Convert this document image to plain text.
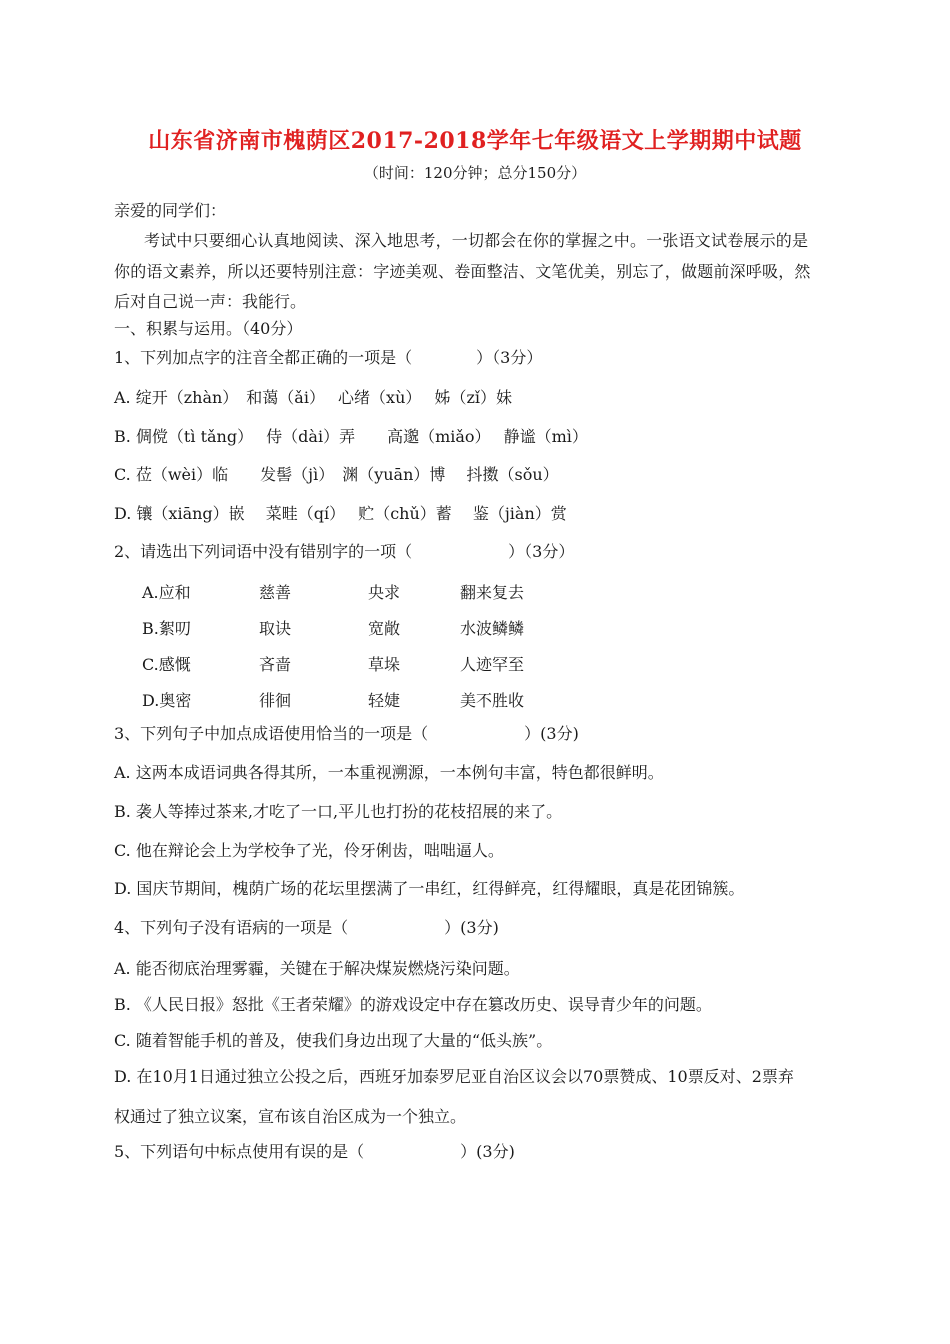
山东省济南市槐荫区2017-2018学年七年级语文上学期期中试题
（时间：120分钟；总分150分）
亲爱的同学们：
考试中只要细心认真地阅读、深入地思考，一切都会在你的掌握之中。一张语文试卷展示的是
你的语文素养，所以还要特别注意：字迹美观、卷面整洁、文笔优美，别忘了，做题前深呼吸，然
后对自己说一声：我能行。
一、积累与运用。（40分）
1、下列加点字的注音全都正确的一项是（　　　　）（3分）
A. 绽开（zhàn）　和蔼（ǎi）　 心绪（xù）　 姊（zǐ）妹
B. 倜傥（tì tǎng）　 侍（dài）弄　　高邈（miǎo）　 静谧（mì）
C. 莅（wèi）临　　发髻（jì）　渊（yuān）博　 抖擞（sǒu）
D. 镶（xiāng）嵌　 菜畦（qí）　 贮（chǔ）蓄　 鉴（jiàn）赏
2、请选出下列词语中没有错别字的一项（　　　　　　）（3分）
A.应和	慈善	央求	翻来复去
B.絮叨	取诀	宽敞	水波鳞鳞
C.感慨	吝啬	草垛	人迹罕至
D.奥密	徘徊	轻婕	美不胜收
3、下列句子中加点成语使用恰当的一项是（　　　　　　）(3分)
A. 这两本成语词典各得其所，一本重视溯源，一本例句丰富，特色都很鲜明。
B. 袭人等捧过茶来,才吃了一口,平儿也打扮的花枝招展的来了。
C. 他在辩论会上为学校争了光，伶牙俐齿，咄咄逼人。
D. 国庆节期间，槐荫广场的花坛里摆满了一串红，红得鲜亮，红得耀眼，真是花团锦簇。
4、下列句子没有语病的一项是（　　　　　　）(3分)
A. 能否彻底治理雾霾，关键在于解决煤炭燃烧污染问题。
B. 《人民日报》怒批《王者荣耀》的游戏设定中存在篡改历史、误导青少年的问题。
C. 随着智能手机的普及，使我们身边出现了大量的“低头族”。
D. 在10月1日通过独立公投之后，西班牙加泰罗尼亚自治区议会以70票赞成、10票反对、2票弃
权通过了独立议案，宣布该自治区成为一个独立。
5、下列语句中标点使用有误的是（　　　　　　）(3分)
